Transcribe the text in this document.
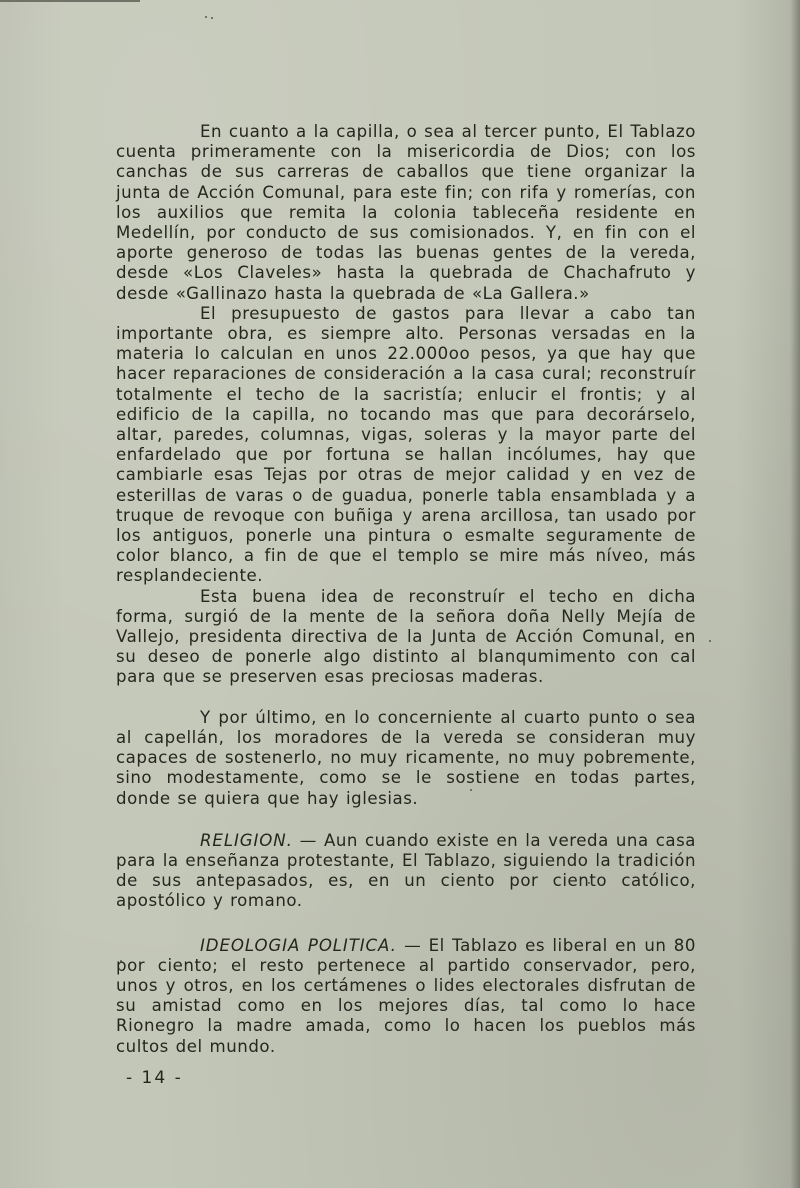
En cuanto a la capilla, o sea al tercer punto, El Tablazo cuenta primeramente con la misericordia de Dios; con los canchas de sus carreras de caballos que tiene organizar la junta de Acción Comunal, para este fin; con rifa y romerías, con los auxilios que remita la colonia tableceña residente en Medellín, por conducto de sus comisionados. Y, en fin con el aporte generoso de todas las buenas gentes de la vereda, desde «Los Claveles» hasta la quebrada de Chachafruto y desde «Gallinazo hasta la quebrada de «La Gallera.»

El presupuesto de gastos para llevar a cabo tan importante obra, es siempre alto. Personas versadas en la materia lo calculan en unos 22.000oo pesos, ya que hay que hacer reparaciones de consideración a la casa cural; reconstruír totalmente el techo de la sacristía; enlucir el frontis; y al edificio de la capilla, no tocando mas que para decorárselo, altar, paredes, columnas, vigas, soleras y la mayor parte del enfardelado que por fortuna se hallan incólumes, hay que cambiarle esas Tejas por otras de mejor calidad y en vez de esterillas de varas o de guadua, ponerle tabla ensamblada y a truque de revoque con buñiga y arena arcillosa, tan usado por los antiguos, ponerle una pintura o esmalte seguramente de color blanco, a fin de que el templo se mire más níveo, más resplandeciente.

Esta buena idea de reconstruír el techo en dicha forma, surgió de la mente de la señora doña Nelly Mejía de Vallejo, presidenta directiva de la Junta de Acción Comunal, en su deseo de ponerle algo distinto al blanqumimento con cal para que se preserven esas preciosas maderas.

Y por último, en lo concerniente al cuarto punto o sea al capellán, los moradores de la vereda se consideran muy capaces de sostenerlo, no muy ricamente, no muy pobremente, sino modestamente, como se le sostiene en todas partes, donde se quiera que hay iglesias.

RELIGION. — Aun cuando existe en la vereda una casa para la enseñanza protestante, El Tablazo, siguiendo la tradición de sus antepasados, es, en un ciento por ciento católico, apostólico y romano.

IDEOLOGIA POLITICA. — El Tablazo es liberal en un 80 por ciento; el resto pertenece al partido conservador, pero, unos y otros, en los certámenes o lides electorales disfrutan de su amistad como en los mejores días, tal como lo hace Rionegro la madre amada, como lo hacen los pueblos más cultos del mundo.

- 14 -
